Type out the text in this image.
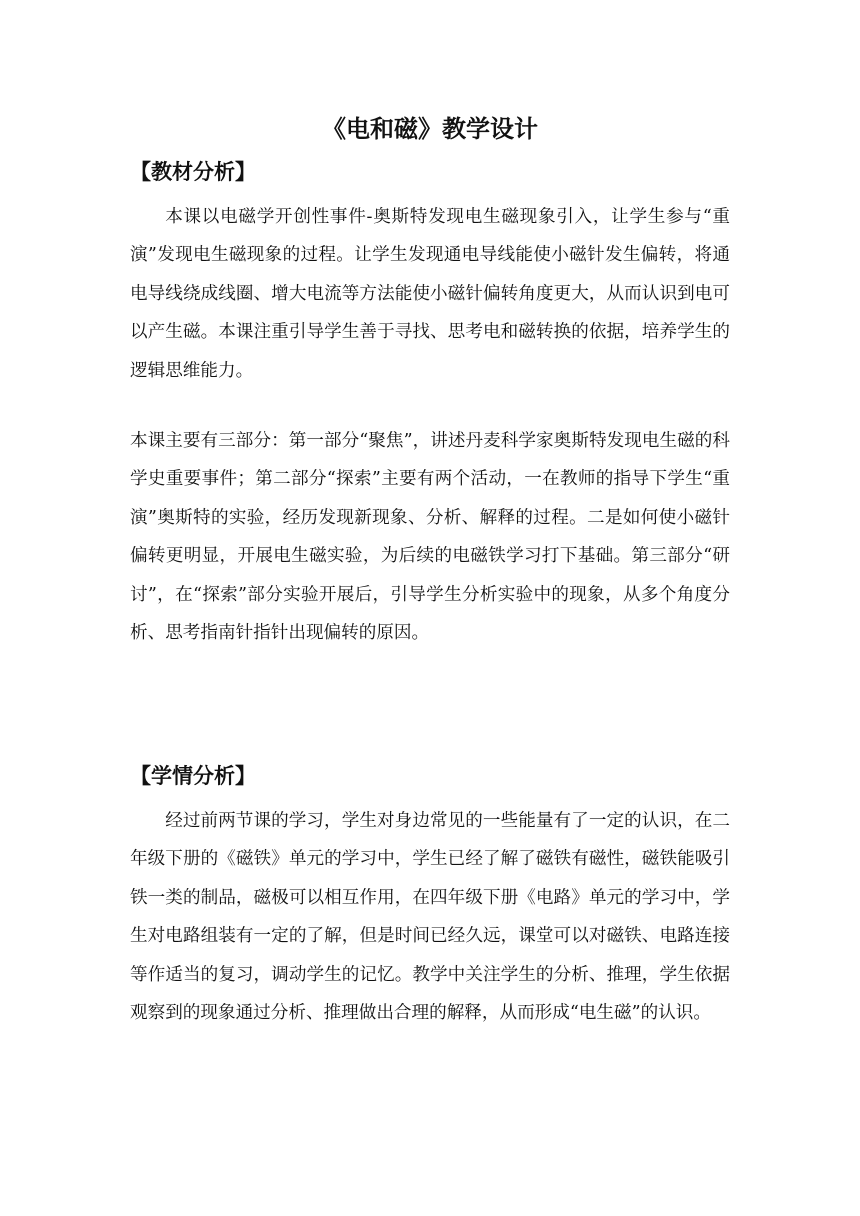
《电和磁》教学设计
【教材分析】

本课以电磁学开创性事件-奥斯特发现电生磁现象引入，让学生参与“重演”发现电生磁现象的过程。让学生发现通电导线能使小磁针发生偏转，将通电导线绕成线圈、增大电流等方法能使小磁针偏转角度更大，从而认识到电可以产生磁。本课注重引导学生善于寻找、思考电和磁转换的依据，培养学生的逻辑思维能力。

本课主要有三部分：第一部分“聚焦”，讲述丹麦科学家奥斯特发现电生磁的科学史重要事件；第二部分“探索”主要有两个活动，一在教师的指导下学生“重演”奥斯特的实验，经历发现新现象、分析、解释的过程。二是如何使小磁针偏转更明显，开展电生磁实验，为后续的电磁铁学习打下基础。第三部分“研讨”，在“探索”部分实验开展后，引导学生分析实验中的现象，从多个角度分析、思考指南针指针出现偏转的原因。

【学情分析】

经过前两节课的学习，学生对身边常见的一些能量有了一定的认识，在二年级下册的《磁铁》单元的学习中，学生已经了解了磁铁有磁性，磁铁能吸引铁一类的制品，磁极可以相互作用，在四年级下册《电路》单元的学习中，学生对电路组装有一定的了解，但是时间已经久远，课堂可以对磁铁、电路连接等作适当的复习，调动学生的记忆。教学中关注学生的分析、推理，学生依据观察到的现象通过分析、推理做出合理的解释，从而形成“电生磁”的认识。
